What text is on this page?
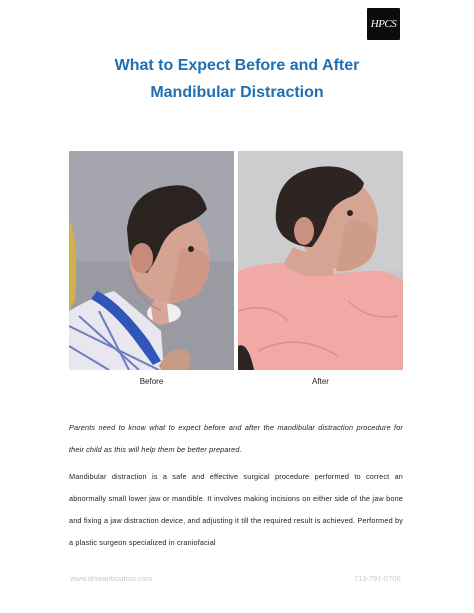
HPCS
What to Expect Before and After
Mandibular Distraction
Before	After

Parents need to know what to expect before and after the mandibular distraction procedure for their child as this will help them be better prepared.

Mandibular distraction is a safe and effective surgical procedure performed to correct an abnormally small lower jaw or mandible. It involves making incisions on either side of the jaw bone and fixing a jaw distraction device, and adjusting it till the required result is achieved. Performed by a plastic surgeon specialized in craniofacial

www.drseanboutros.com	713-791-0700
